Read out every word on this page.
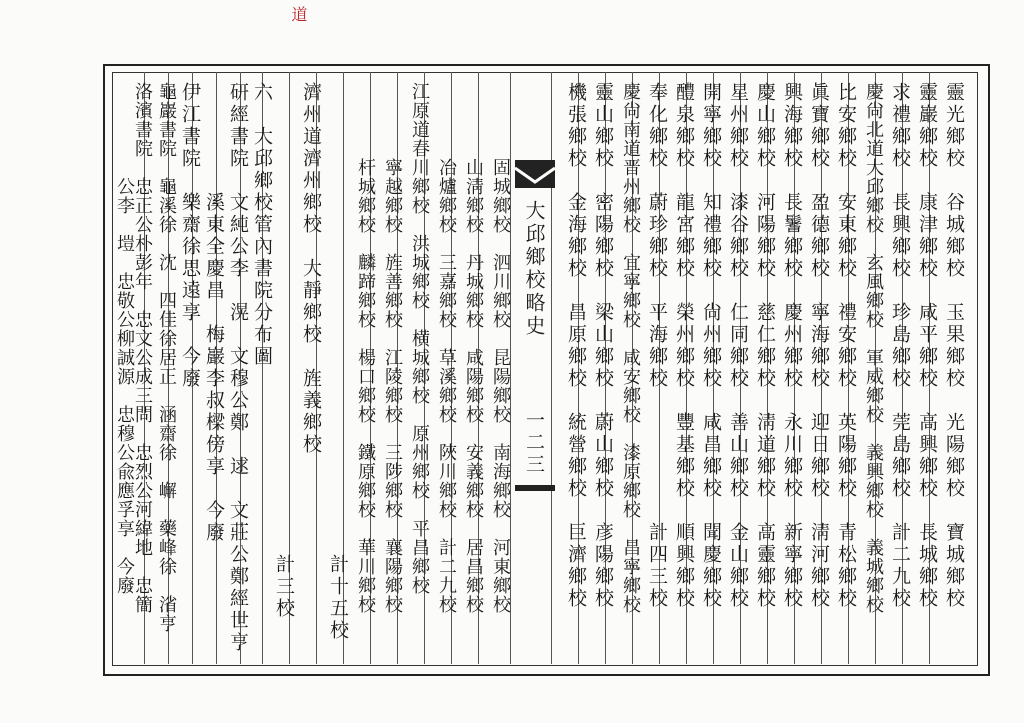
道
靈光鄉校　谷城鄉校　玉果鄉校　光陽鄉校　寶城鄉校
靈巖鄉校　康津鄉校　咸平鄉校　高興鄉校　長城鄉校
求禮鄉校　長興鄉校　珍島鄉校　莞島鄉校　計二九校
慶尙北道大邱鄉校　玄風鄉校　軍威鄉校　義興鄉校　義城鄉校
比安鄉校　安東鄉校　禮安鄉校　英陽鄉校　青松鄉校
眞寶鄉校　盈德鄉校　寧海鄉校　迎日鄉校　淸河鄉校
興海鄉校　長鬐鄉校　慶州鄉校　永川鄉校　新寧鄉校
慶山鄉校　河陽鄉校　慈仁鄉校　淸道鄉校　高靈鄉校
星州鄉校　漆谷鄉校　仁同鄉校　善山鄉校　金山鄉校
開寧鄉校　知禮鄉校　尙州鄉校　咸昌鄉校　聞慶鄉校
醴泉鄉校　龍宮鄉校　榮州鄉校　豐基鄉校　順興鄉校
奉化鄉校　蔚珍鄉校　平海鄉校　　　　　　計四三校
慶尙南道晋州鄉校　宜寧鄉校　咸安鄉校　漆原鄉校　昌寧鄉校
靈山鄉校　密陽鄉校　梁山鄉校　蔚山鄉校　彦陽鄉校
機張鄉校　金海鄉校　昌原鄉校　統營鄉校　巨濟鄉校
大邱鄉校略史
一二三
固城鄉校　泗川鄉校　昆陽鄉校　南海鄉校　河東鄉校
山淸鄉校　丹城鄉校　咸陽鄉校　安義鄉校　居昌鄉校
冶爐鄉校　三嘉鄉校　草溪鄉校　陜川鄉校　計二九校
江原道春川鄉校　洪城鄉校　横城鄉校　原州鄉校　平昌鄉校
寧越鄉校　旌善鄉校　江陵鄉校　三陟鄉校　襄陽鄉校
杆城鄉校　麟蹄鄉校　楊口鄉校　鐵原鄉校　華川鄉校
　　　　　　　　　　　　　　　　　　計十五校
濟州道濟州鄉校　大靜鄉校　旌義鄉校
　　　　　　　　　　　　　　　　　　計三校
六　大邱鄉校管內書院分布圖
研經書院　文純公李　滉　文穆公鄭　逑　文莊公鄭經世亨
　　　　　溪東全慶昌　梅巖李叔樑傍享　今廢
伊江書院　樂齋徐思遠享　今廢
龜巖書院　龜溪徐　沈　四佳徐居正　涵齋徐　嶰　藥峰徐　渻亨
洛濱書院　忠正公朴彭年　忠文公成三問　忠烈公河緯地　忠簡
　　　　　公李　塏　忠敬公柳誠源　忠穆公兪應孚享　今廢
